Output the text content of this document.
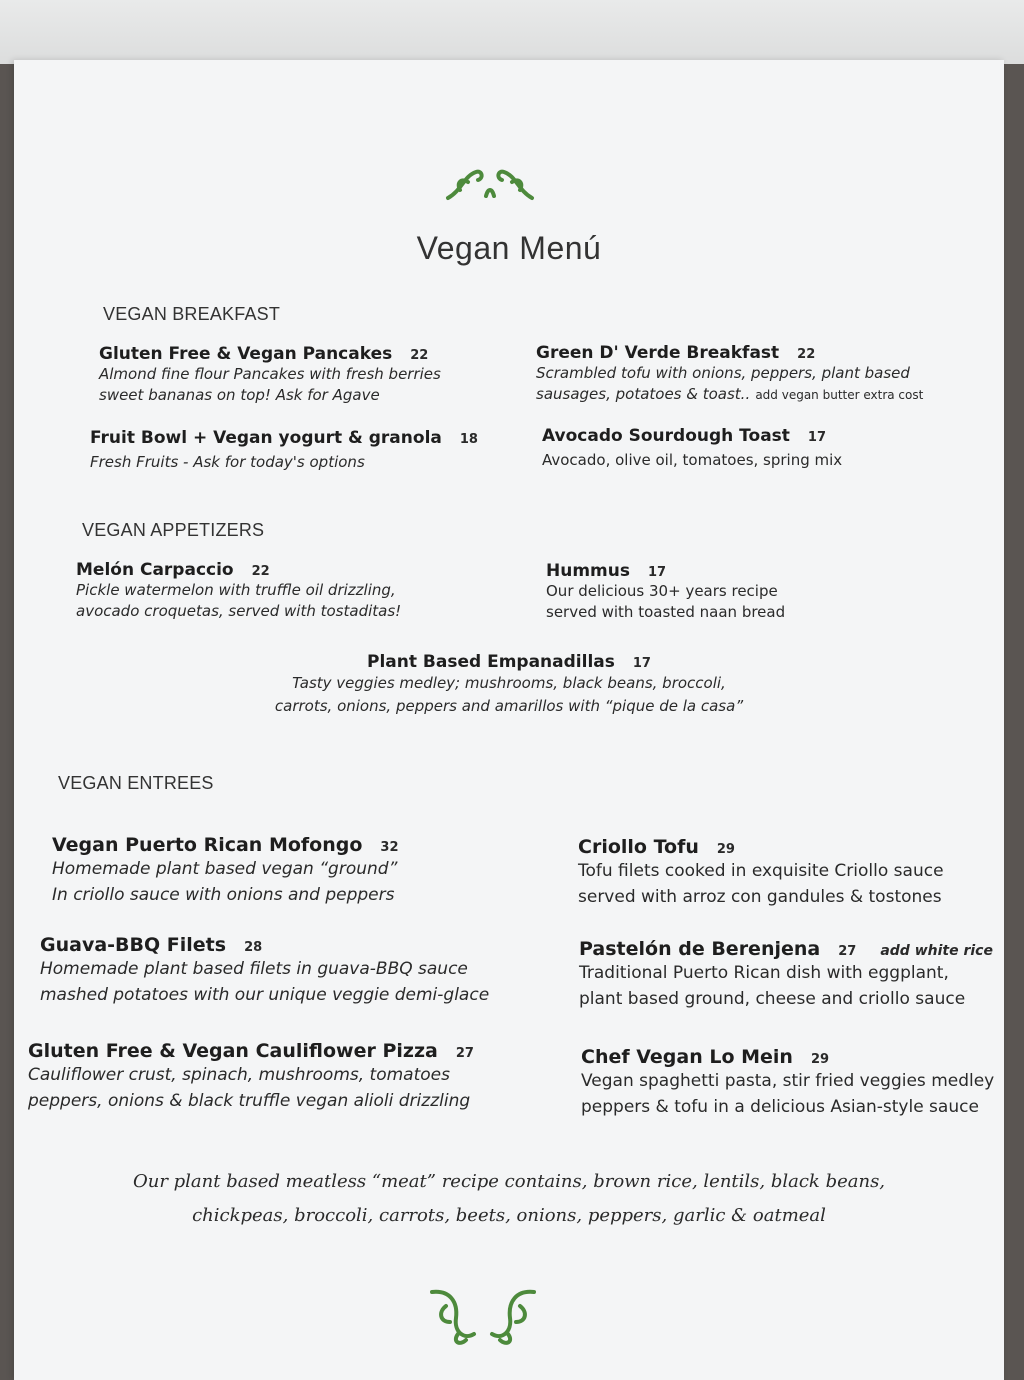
Vegan Menú
VEGAN BREAKFAST
Gluten Free & Vegan Pancakes 22
Almond fine flour Pancakes with fresh berries
sweet bananas on top! Ask for Agave
Green D' Verde Breakfast 22
Scrambled tofu with onions, peppers, plant based
sausages, potatoes & toast.. add vegan butter extra cost
Fruit Bowl + Vegan yogurt & granola 18
Fresh Fruits - Ask for today's options
Avocado Sourdough Toast 17
Avocado, olive oil, tomatoes, spring mix
VEGAN APPETIZERS
Melón Carpaccio 22
Pickle watermelon with truffle oil drizzling,
avocado croquetas, served with tostaditas!
Hummus 17
Our delicious 30+ years recipe
served with toasted naan bread
Plant Based Empanadillas 17
Tasty veggies medley; mushrooms, black beans, broccoli,
carrots, onions, peppers and amarillos with “pique de la casa”
VEGAN ENTREES
Vegan Puerto Rican Mofongo 32
Homemade plant based vegan “ground”
In criollo sauce with onions and peppers
Criollo Tofu 29
Tofu filets cooked in exquisite Criollo sauce
served with arroz con gandules & tostones
Guava-BBQ Filets 28
Homemade plant based filets in guava-BBQ sauce
mashed potatoes with our unique veggie demi-glace
Pastelón de Berenjena 27 add white rice
Traditional Puerto Rican dish with eggplant,
plant based ground, cheese and criollo sauce
Gluten Free & Vegan Cauliflower Pizza 27
Cauliflower crust, spinach, mushrooms, tomatoes
peppers, onions & black truffle vegan alioli drizzling
Chef Vegan Lo Mein 29
Vegan spaghetti pasta, stir fried veggies medley
peppers & tofu in a delicious Asian-style sauce
Our plant based meatless “meat” recipe contains, brown rice, lentils, black beans,
chickpeas, broccoli, carrots, beets, onions, peppers, garlic & oatmeal
